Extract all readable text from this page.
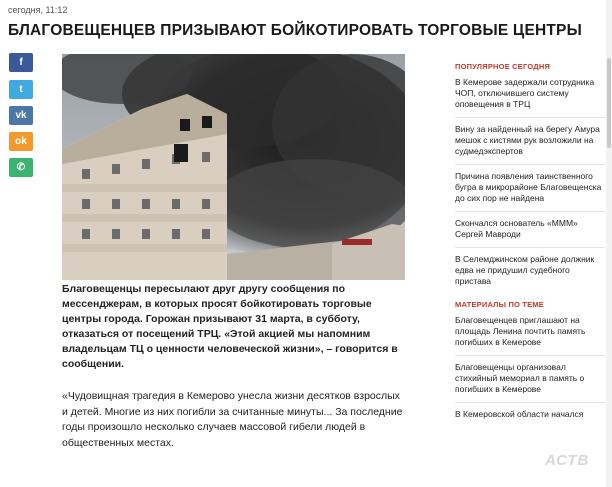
сегодня, 11:12
БЛАГОВЕЩЕНЦЕВ ПРИЗЫВАЮТ БОЙКОТИРОВАТЬ ТОРГОВЫЕ ЦЕНТРЫ
f
t
vk
ok
✆

Благовещенцы пересылают друг другу сообщения по мессенджерам, в которых просят бойкотировать торговые центры города. Горожан призывают 31 марта, в субботу, отказаться от посещений ТРЦ. «Этой акцией мы напомним владельцам ТЦ о ценности человеческой жизни», – говорится в сообщении.

«Чудовищная трагедия в Кемерово унесла жизни десятков взрослых и детей. Многие из них погибли за считанные минуты... За последние годы произошло несколько случаев массовой гибели людей в общественных местах.

ПОПУЛЯРНОЕ СЕГОДНЯ
В Кемерове задержали сотрудника ЧОП, отключившего систему оповещения в ТРЦ
Вину за найденный на берегу Амура мешок с кистями рук возложили на судмедэкспертов
Причина появления таинственного бугра в микрорайоне Благовещенска до сих пор не найдена
Скончался основатель «МММ» Сергей Мавроди
В Селемджинском районе должник едва не придушил судебного пристава
МАТЕРИАЛЫ ПО ТЕМЕ
Благовещенцев приглашают на площадь Ленина почтить память погибших в Кемерове
Благовещенцы организовал стихийный мемориал в память о погибших в Кемерове
В Кемеровской области начался
АСТВ
